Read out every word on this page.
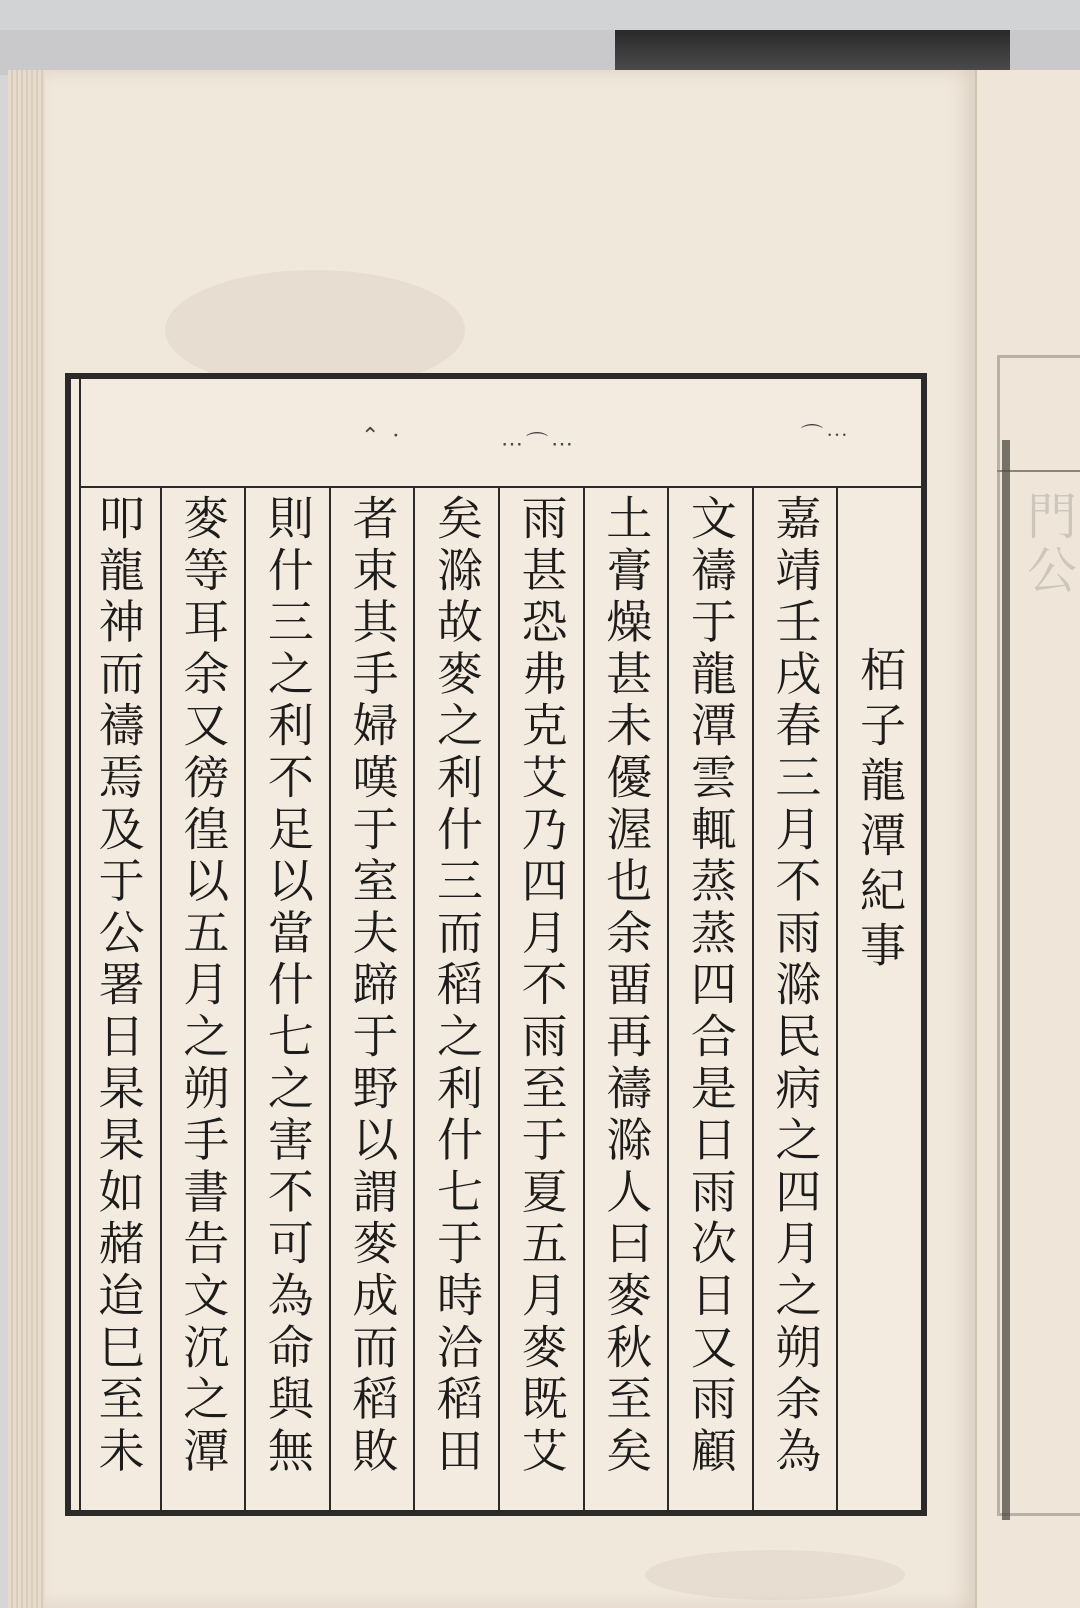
門公
⌃ ·	⋯⌒⋯	⌒⋯
栢子龍潭紀事
嘉靖壬戌春三月不雨滁民病之四月之朔余為
文禱于龍潭雲輒蒸蒸四合是日雨次日又雨顧
土膏燥甚未優渥也余畱再禱滁人曰麥秋至矣
雨甚恐弗克艾乃四月不雨至于夏五月麥既艾
矣滁故麥之利什三而稻之利什七于時洽稻田
者束其手婦嘆于室夫蹄于野以謂麥成而稻敗
則什三之利不足以當什七之害不可為命與無
麥等耳余又徬徨以五月之朔手書告文沉之潭
叩龍神而禱焉及于公署日杲杲如赭迨巳至未
